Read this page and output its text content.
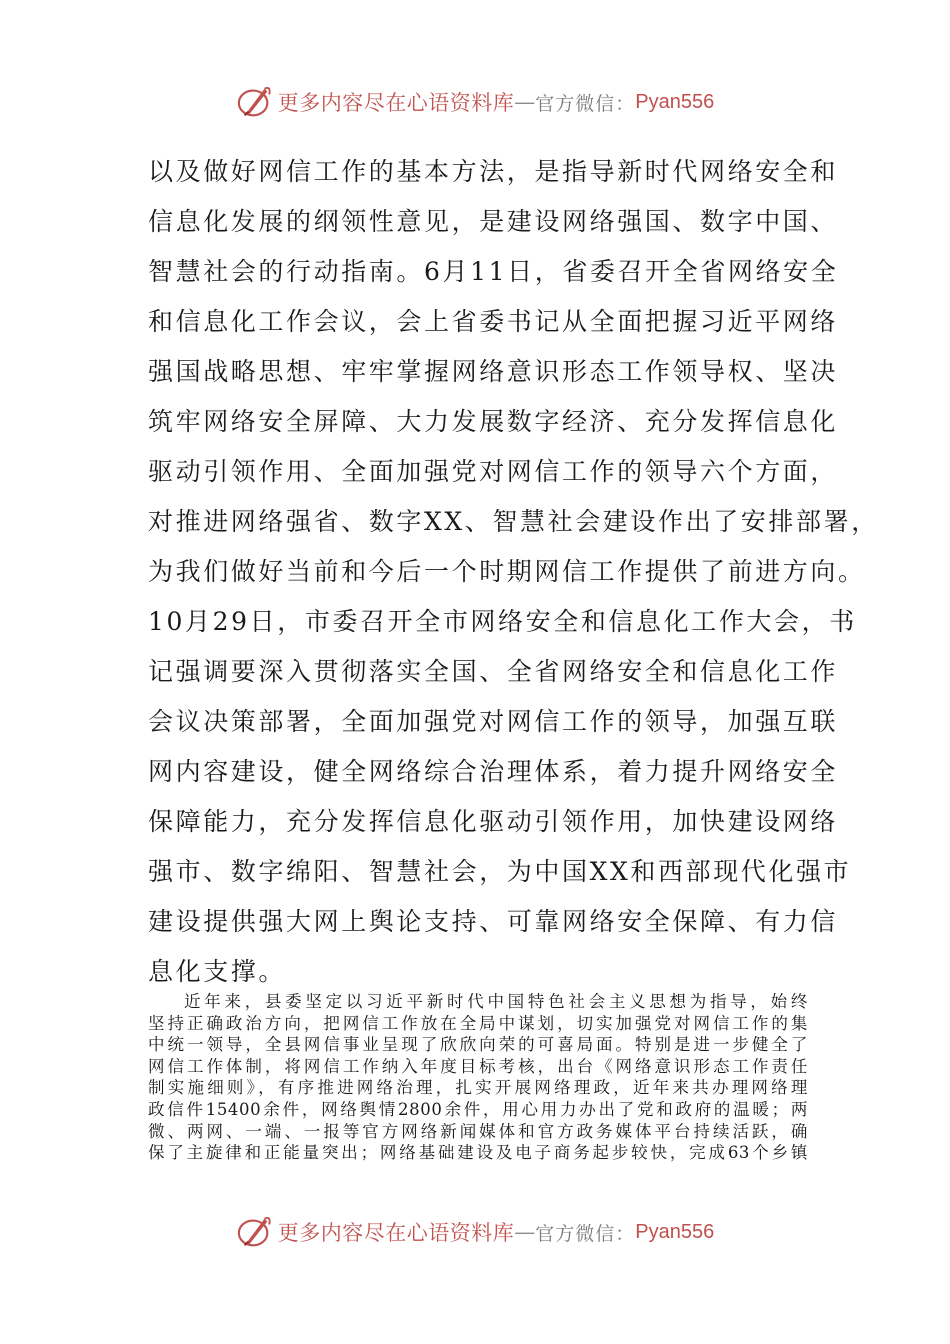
更多内容尽在心语资料库 — 官方微信： Pyan556
以及做好网信工作的基本方法，是指导新时代网络安全和
信息化发展的纲领性意见，是建设网络强国、数字中国、
智慧社会的行动指南。6月11日，省委召开全省网络安全
和信息化工作会议，会上省委书记从全面把握习近平网络
强国战略思想、牢牢掌握网络意识形态工作领导权、坚决
筑牢网络安全屏障、大力发展数字经济、充分发挥信息化
驱动引领作用、全面加强党对网信工作的领导六个方面，
对推进网络强省、数字XX、智慧社会建设作出了安排部署，
为我们做好当前和今后一个时期网信工作提供了前进方向。
10月29日，市委召开全市网络安全和信息化工作大会，书
记强调要深入贯彻落实全国、全省网络安全和信息化工作
会议决策部署，全面加强党对网信工作的领导，加强互联
网内容建设，健全网络综合治理体系，着力提升网络安全
保障能力，充分发挥信息化驱动引领作用，加快建设网络
强市、数字绵阳、智慧社会，为中国XX和西部现代化强市
建设提供强大网上舆论支持、可靠网络安全保障、有力信
息化支撑。
近年来，县委坚定以习近平新时代中国特色社会主义思想为指导，始终
坚持正确政治方向，把网信工作放在全局中谋划，切实加强党对网信工作的集
中统一领导，全县网信事业呈现了欣欣向荣的可喜局面。特别是进一步健全了
网信工作体制，将网信工作纳入年度目标考核，出台《网络意识形态工作责任
制实施细则》，有序推进网络治理，扎实开展网络理政，近年来共办理网络理
政信件15400余件，网络舆情2800余件，用心用力办出了党和政府的温暖；两
微、两网、一端、一报等官方网络新闻媒体和官方政务媒体平台持续活跃，确
保了主旋律和正能量突出；网络基础建设及电子商务起步较快，完成63个乡镇
更多内容尽在心语资料库 — 官方微信： Pyan556
